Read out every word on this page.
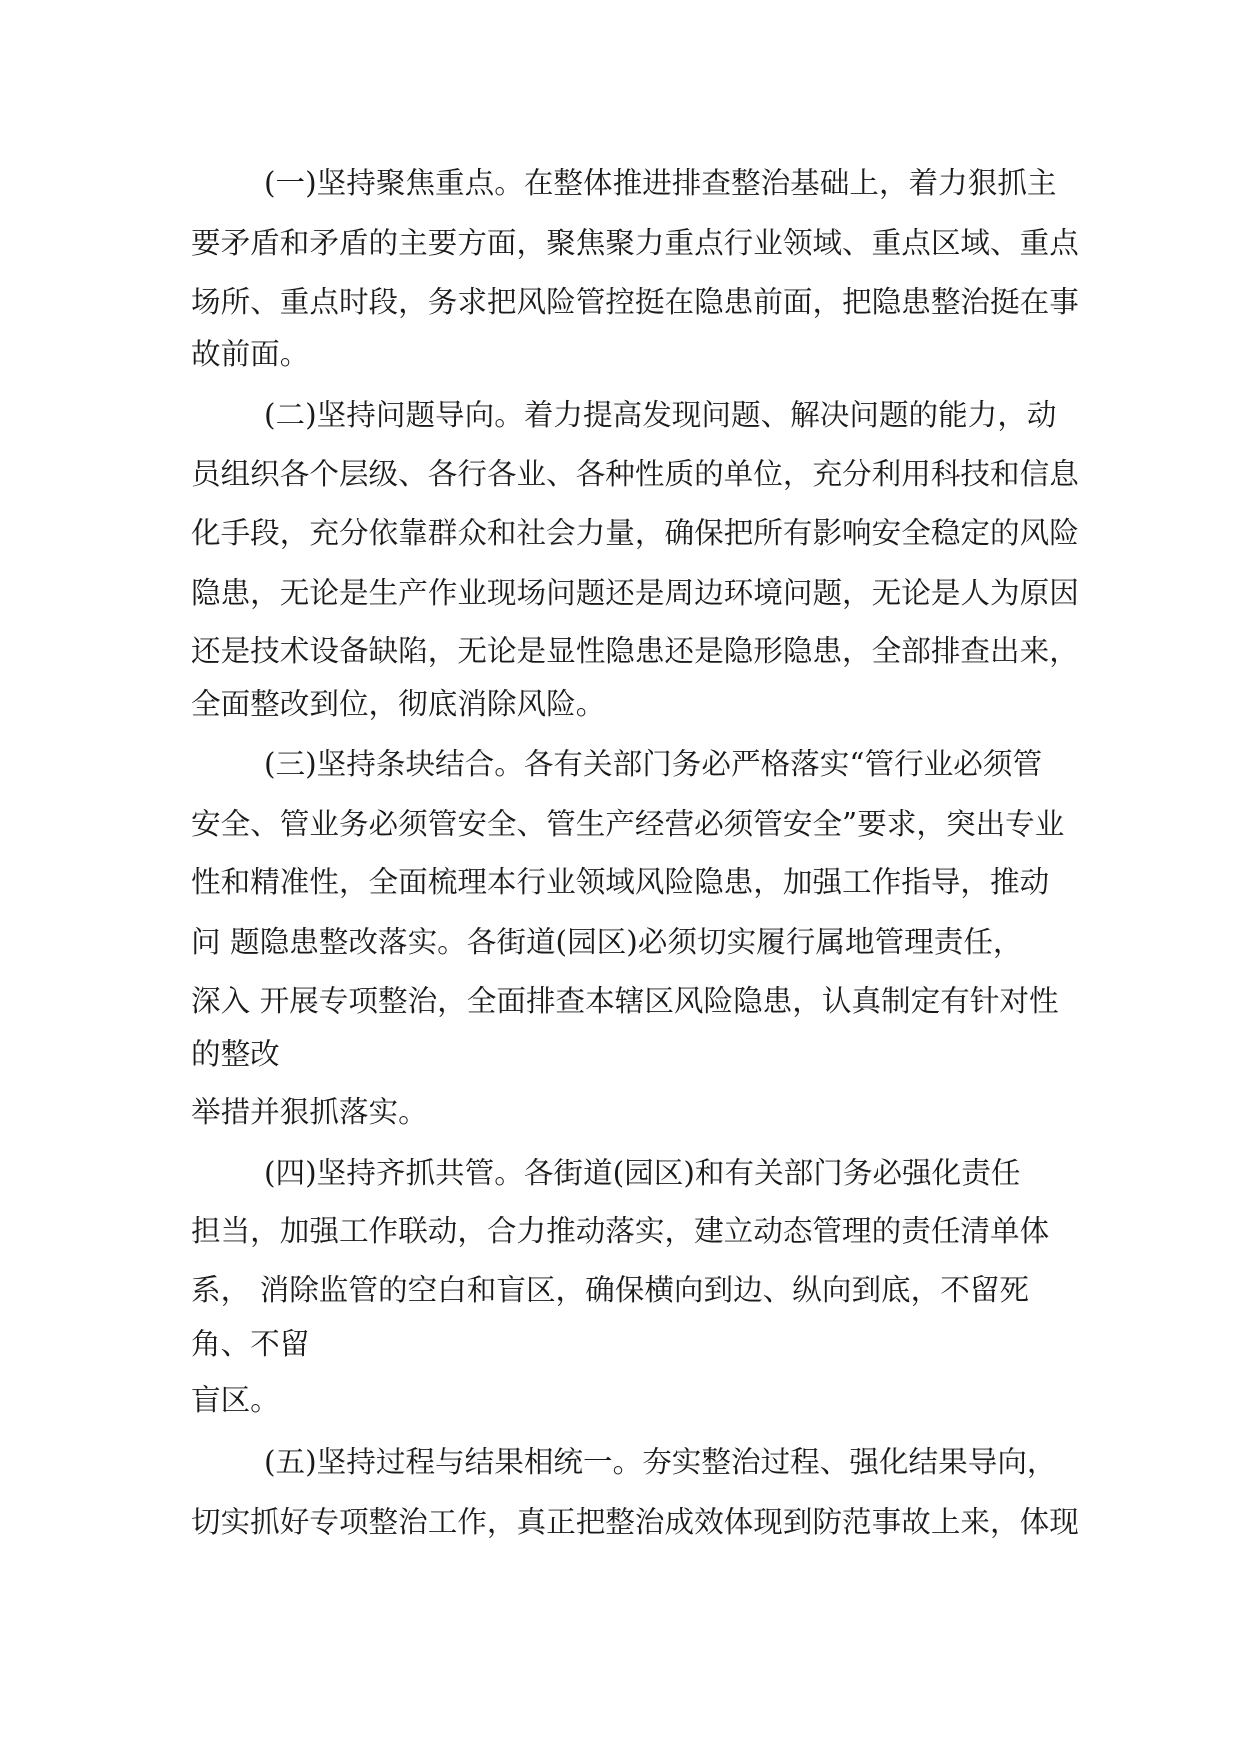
(一)坚持聚焦重点。在整体推进排查整治基础上，着力狠抓主
要矛盾和矛盾的主要方面，聚焦聚力重点行业领域、重点区域、重点
场所、重点时段，务求把风险管控挺在隐患前面，把隐患整治挺在事
故前面。
(二)坚持问题导向。着力提高发现问题、解决问题的能力，动
员组织各个层级、各行各业、各种性质的单位，充分利用科技和信息
化手段，充分依靠群众和社会力量，确保把所有影响安全稳定的风险
隐患，无论是生产作业现场问题还是周边环境问题，无论是人为原因
还是技术设备缺陷，无论是显性隐患还是隐形隐患，全部排查出来，
全面整改到位，彻底消除风险。
(三)坚持条块结合。各有关部门务必严格落实“管行业必须管
安全、管业务必须管安全、管生产经营必须管安全”要求，突出专业
性和精准性，全面梳理本行业领域风险隐患，加强工作指导，推动
问 题隐患整改落实。各街道(园区)必须切实履行属地管理责任，
深入 开展专项整治，全面排查本辖区风险隐患，认真制定有针对性
的整改
举措并狠抓落实。
(四)坚持齐抓共管。各街道(园区)和有关部门务必强化责任
担当，加强工作联动，合力推动落实，建立动态管理的责任清单体
系， 消除监管的空白和盲区，确保横向到边、纵向到底，不留死
角、不留
盲区。
(五)坚持过程与结果相统一。夯实整治过程、强化结果导向，
切实抓好专项整治工作，真正把整治成效体现到防范事故上来，体现
